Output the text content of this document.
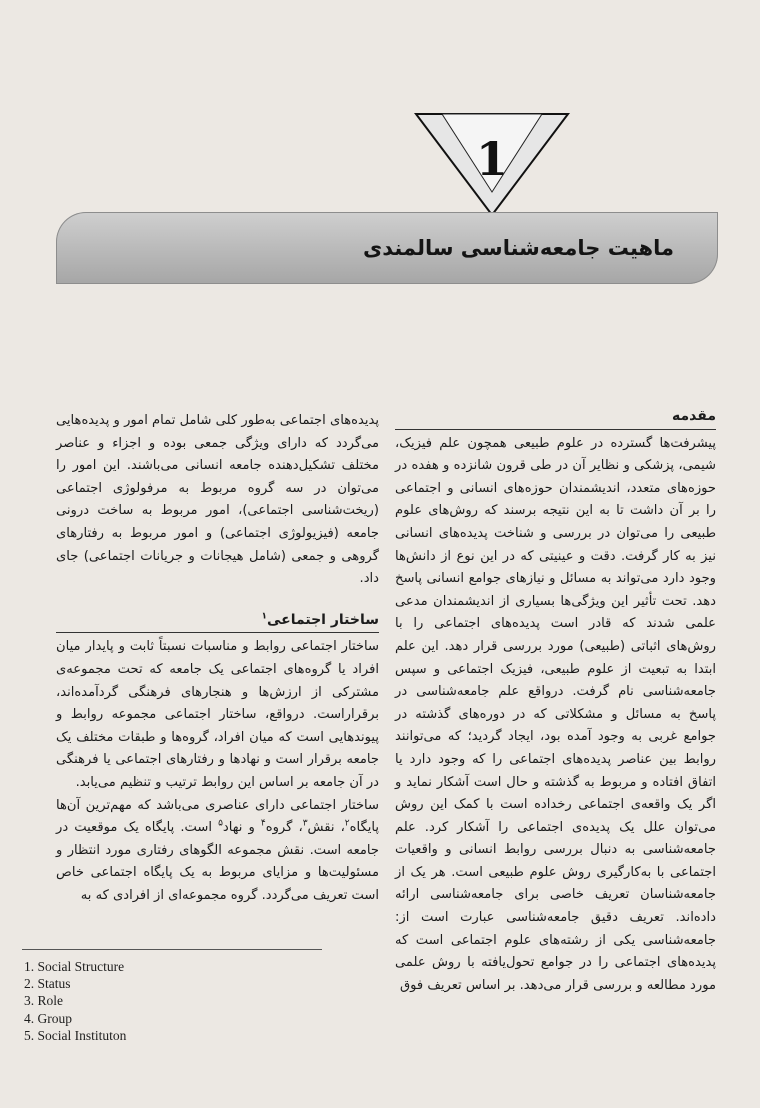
1
ماهیت جامعه‌شناسی سالمندی
مقدمه

پیشرفت‌ها گسترده در علوم طبیعی همچون علم فیزیک، شیمی، پزشکی و نظایر آن در طی قرون شانزده و هفده در حوزه‌های متعدد، اندیشمندان حوزه‌های انسانی و اجتماعی را بر آن داشت تا به این نتیجه برسند که روش‌های علوم طبیعی را می‌توان در بررسی و شناخت پدیده‌های انسانی نیز به کار گرفت. دقت و عینیتی که در این نوع از دانش‌ها وجود دارد می‌تواند به مسائل و نیازهای جوامع انسانی پاسخ دهد. تحت تأثیر این ویژگی‌ها بسیاری از اندیشمندان مدعی علمی شدند که قادر است پدیده‌های اجتماعی را با روش‌های اثباتی (طبیعی) مورد بررسی قرار دهد. این علم ابتدا به تبعیت از علوم طبیعی، فیزیک اجتماعی و سپس جامعه‌شناسی نام گرفت. درواقع علم جامعه‌شناسی در پاسخ به مسائل و مشکلاتی که در دوره‌های گذشته در جوامع غربی به وجود آمده بود، ایجاد گردید؛ که می‌توانند روابط بین عناصر پدیده‌های اجتماعی را که وجود دارد یا اتفاق افتاده و مربوط به گذشته و حال است آشکار نماید و اگر یک واقعه‌ی اجتماعی رخداده است با کمک این روش می‌توان علل یک پدیده‌ی اجتماعی را آشکار کرد. علم جامعه‌شناسی به دنبال بررسی روابط انسانی و واقعیات اجتماعی با به‌کارگیری روش علوم طبیعی است. هر یک از جامعه‌شناسان تعریف خاصی برای جامعه‌شناسی ارائه داده‌اند. تعریف دقیق جامعه‌شناسی عبارت است از: جامعه‌شناسی یکی از رشته‌های علوم اجتماعی است که پدیده‌های اجتماعی را در جوامع تحول‌یافته با روش علمی مورد مطالعه و بررسی قرار می‌دهد. بر اساس تعریف فوق

پدیده‌های اجتماعی به‌طور کلی شامل تمام امور و پدیده‌هایی می‌گردد که دارای ویژگی جمعی بوده و اجزاء و عناصر مختلف تشکیل‌دهنده جامعه انسانی می‌باشند. این امور را می‌توان در سه گروه مربوط به مرفولوژی اجتماعی (ریخت‌شناسی اجتماعی)، امور مربوط به ساخت درونی جامعه (فیزیولوژی اجتماعی) و امور مربوط به رفتارهای گروهی و جمعی (شامل هیجانات و جریانات اجتماعی) جای داد.

ساختار اجتماعی$^۱$

ساختار اجتماعی روابط و مناسبات نسبتاً ثابت و پایدار میان افراد یا گروه‌های اجتماعی یک جامعه که تحت مجموعه‌ی مشترکی از ارزش‌ها و هنجارهای فرهنگی گردآمده‌اند، برقراراست. درواقع، ساختار اجتماعی مجموعه روابط و پیوندهایی است که میان افراد، گروه‌ها و طبقات مختلف یک جامعه برقرار است و نهادها و رفتارهای اجتماعی یا فرهنگی در آن جامعه بر اساس این روابط ترتیب و تنظیم می‌یابد.

ساختار اجتماعی دارای عناصری می‌باشد که مهم‌ترین آن‌ها پایگاه$^۲$، نقش$^۳$، گروه$^۴$ و نهاد$^۵$ است. پایگاه یک موقعیت در جامعه است. نقش مجموعه الگوهای رفتاری مورد انتظار و مسئولیت‌ها و مزایای مربوط به یک پایگاه اجتماعی خاص است تعریف می‌گردد. گروه مجموعه‌ای از افرادی که به

1. Social Structure
2. Status
3. Role
4. Group
5. Social Instituton
